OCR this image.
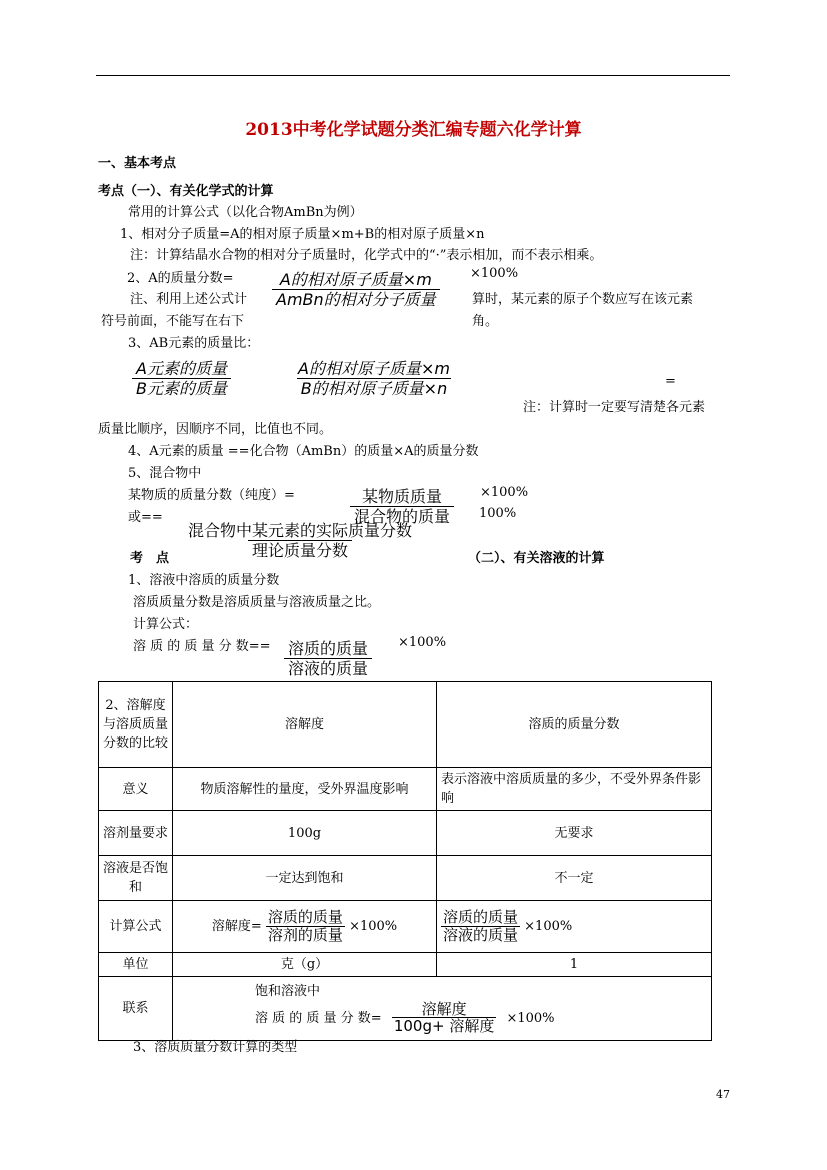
2013中考化学试题分类汇编专题六化学计算
一、基本考点
考点（一）、有关化学式的计算
常用的计算公式（以化合物AmBn为例）
1、相对分子质量=A的相对原子质量×m+B的相对原子质量×n
注：计算结晶水合物的相对分子质量时，化学式中的“·”表示相加，而不表示相乘。
2、A的质量分数=	A的相对原子质量×m
AmBn的相对分子质量
×100%
注、利用上述公式计	算时，某元素的原子个数应写在该元素
符号前面，不能写在右下	角。
3、AB元素的质量比：
A元素的质量
B元素的质量
A的相对原子质量×m
B的相对原子质量×n	=
注：计算时一定要写清楚各元素
质量比顺序，因顺序不同，比值也不同。
4、A元素的质量 ==化合物（AmBn）的质量×A的质量分数
5、混合物中
某物质的质量分数（纯度）=	某物质质量
混合物的质量
×100%
或==	100%
混合物中某元素的实际质量分数
理论质量分数
考　点	（二）、有关溶液的计算
1、溶液中溶质的质量分数
溶质质量分数是溶质质量与溶液质量之比。
计算公式：
溶 质 的 质 量 分 数== 溶质的质量
溶液的质量
×100%
2、溶解度与溶质质量分数的比较	溶解度	溶质的质量分数
意义	物质溶解性的量度，受外界温度影响	表示溶液中溶质质量的多少，不受外界条件影响
溶剂量要求	100g	无要求
溶液是否饱和	一定达到饱和	不一定
计算公式	溶解度=
溶质的质量
溶剂的质量 ×100%	溶质的质量
溶液的质量 ×100%
单位	克（g）	1
联系	饱和溶液中
溶 质 的 质 量 分 数=
溶解度
100g+ 溶解度 ×100%	
3、溶质质量分数计算的类型
47
